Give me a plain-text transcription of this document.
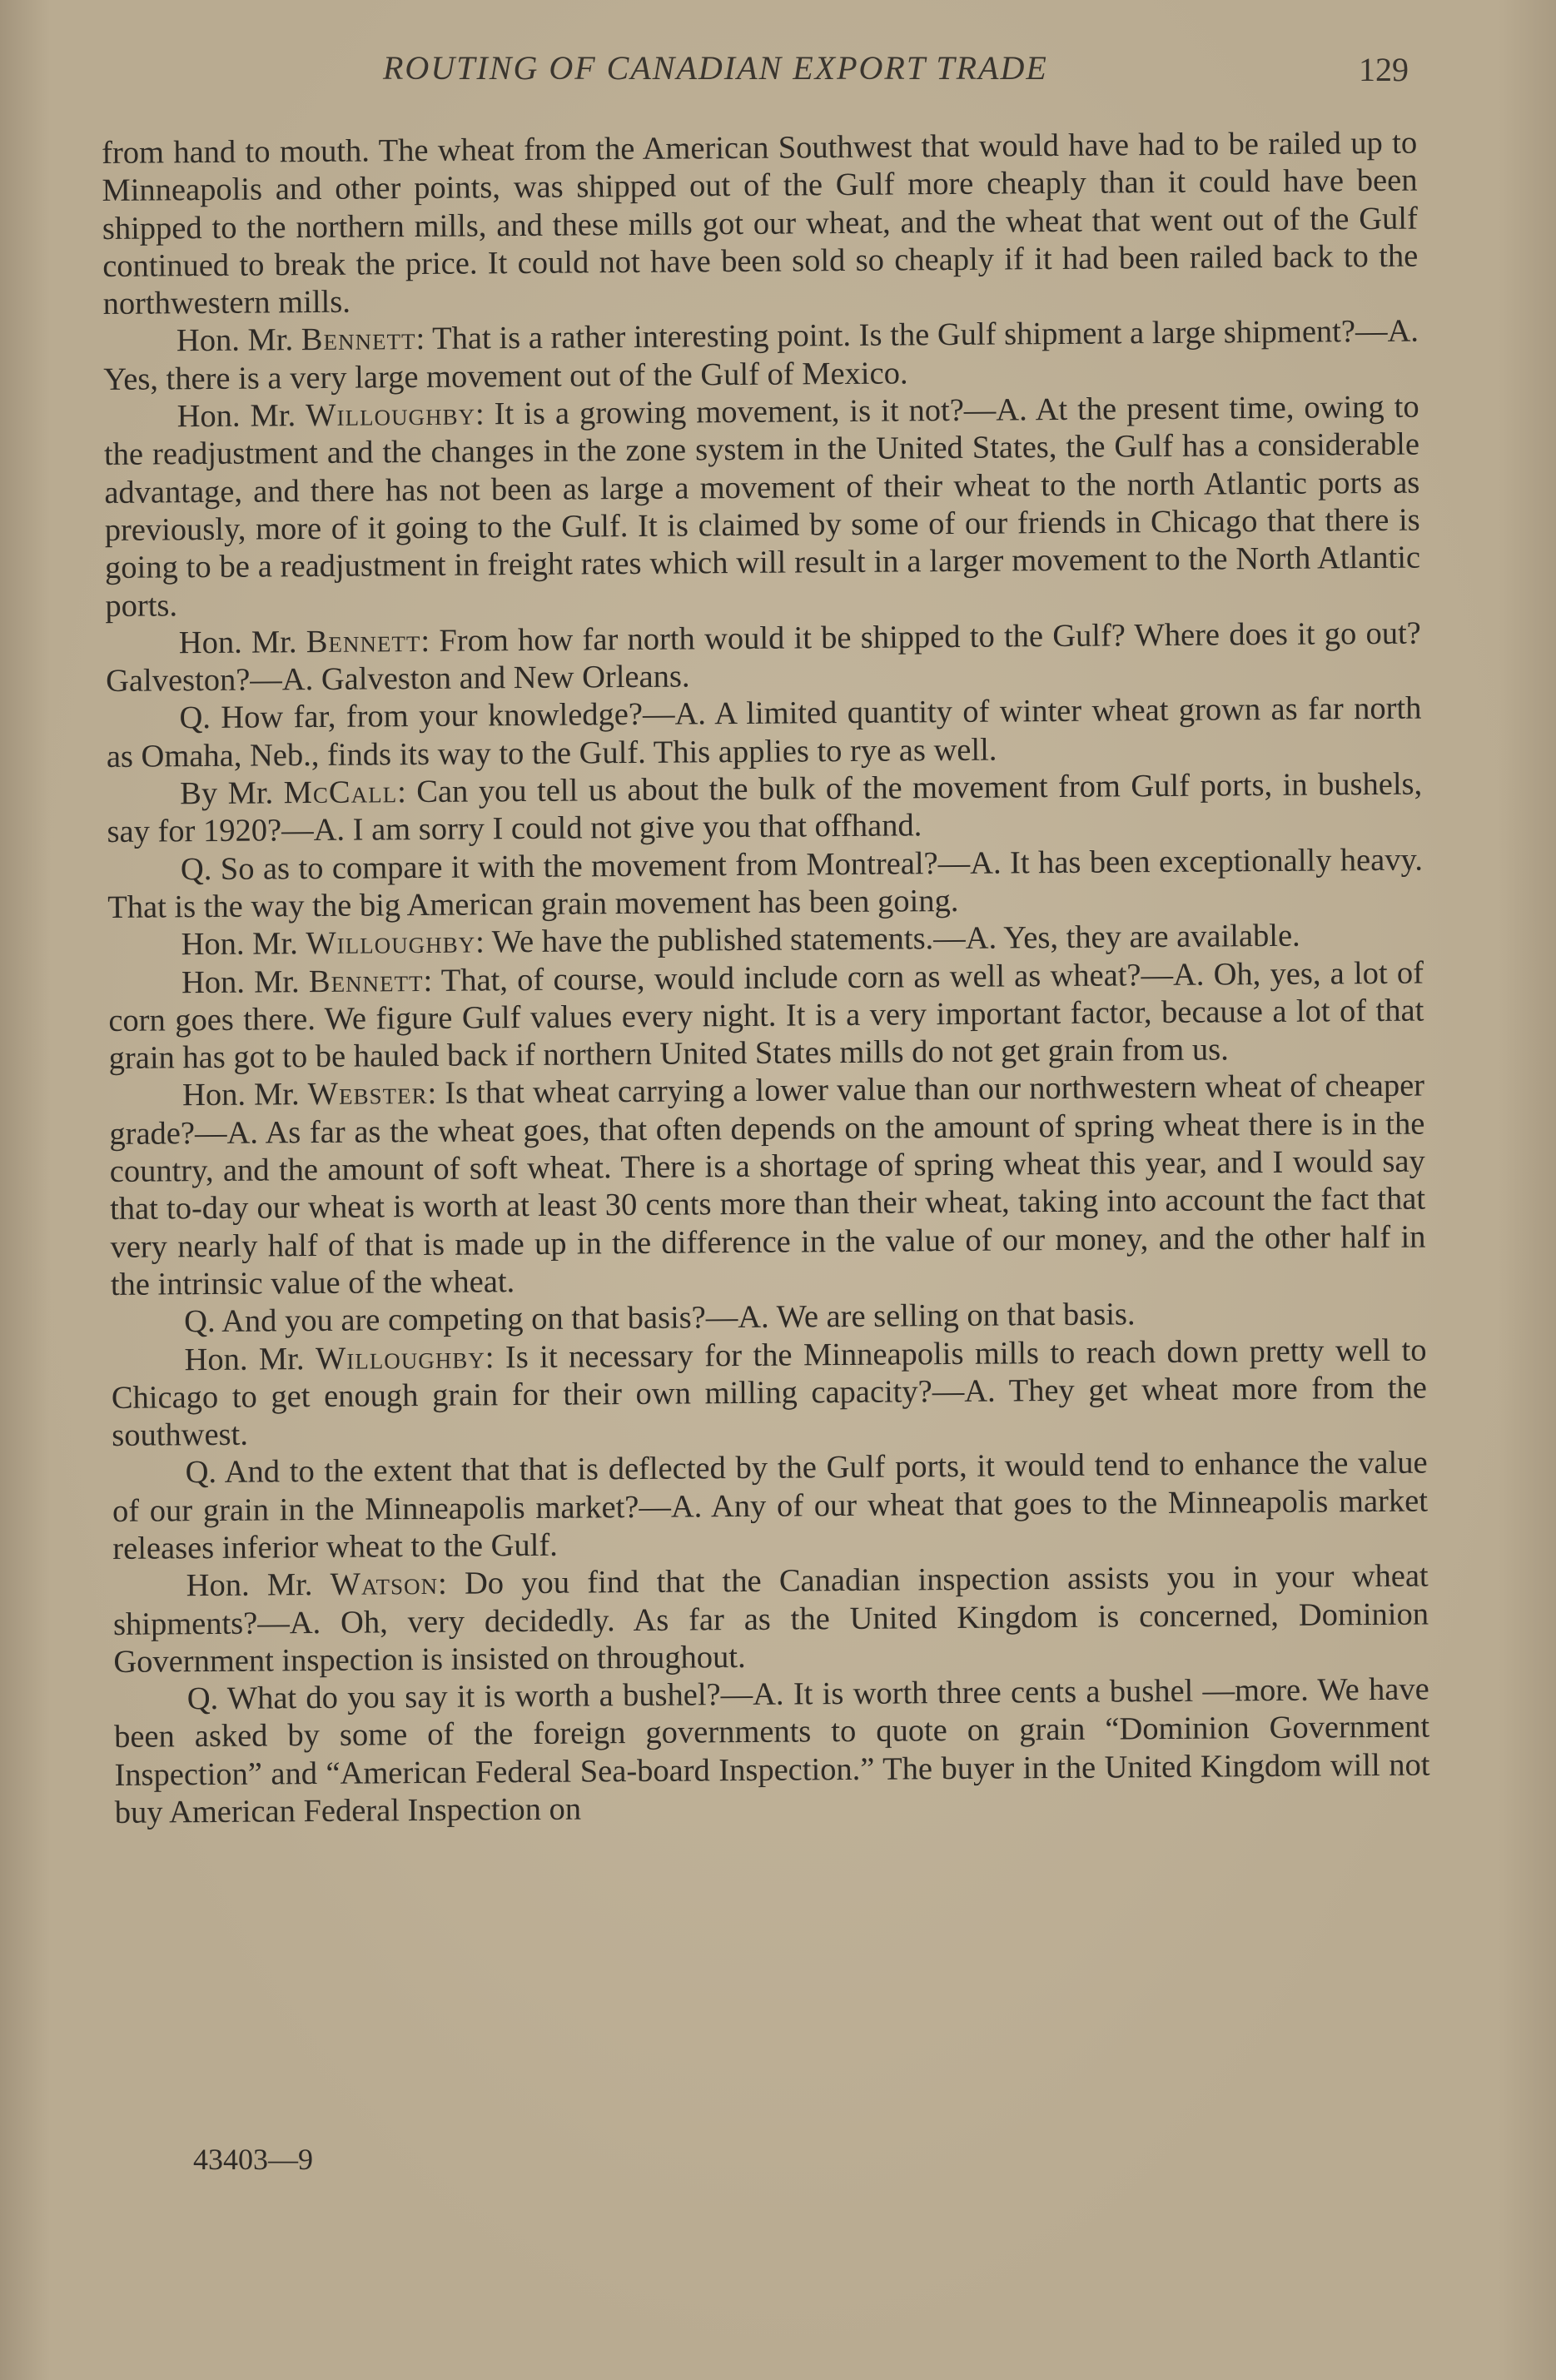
ROUTING OF CANADIAN EXPORT TRADE	129

from hand to mouth. The wheat from the American Southwest that would have had to be railed up to Minneapolis and other points, was shipped out of the Gulf more cheaply than it could have been shipped to the northern mills, and these mills got our wheat, and the wheat that went out of the Gulf continued to break the price. It could not have been sold so cheaply if it had been railed back to the northwestern mills.

Hon. Mr. Bennett: That is a rather interesting point. Is the Gulf shipment a large shipment?—A. Yes, there is a very large movement out of the Gulf of Mexico.

Hon. Mr. Willoughby: It is a growing movement, is it not?—A. At the present time, owing to the readjustment and the changes in the zone system in the United States, the Gulf has a considerable advantage, and there has not been as large a movement of their wheat to the north Atlantic ports as previously, more of it going to the Gulf. It is claimed by some of our friends in Chicago that there is going to be a readjustment in freight rates which will result in a larger movement to the North Atlantic ports.

Hon. Mr. Bennett: From how far north would it be shipped to the Gulf? Where does it go out? Galveston?—A. Galveston and New Orleans.

Q. How far, from your knowledge?—A. A limited quantity of winter wheat grown as far north as Omaha, Neb., finds its way to the Gulf. This applies to rye as well.

By Mr. McCall: Can you tell us about the bulk of the movement from Gulf ports, in bushels, say for 1920?—A. I am sorry I could not give you that offhand.

Q. So as to compare it with the movement from Montreal?—A. It has been exceptionally heavy. That is the way the big American grain movement has been going.

Hon. Mr. Willoughby: We have the published statements.—A. Yes, they are available.

Hon. Mr. Bennett: That, of course, would include corn as well as wheat?—A. Oh, yes, a lot of corn goes there. We figure Gulf values every night. It is a very important factor, because a lot of that grain has got to be hauled back if northern United States mills do not get grain from us.

Hon. Mr. Webster: Is that wheat carrying a lower value than our northwestern wheat of cheaper grade?—A. As far as the wheat goes, that often depends on the amount of spring wheat there is in the country, and the amount of soft wheat. There is a shortage of spring wheat this year, and I would say that to-day our wheat is worth at least 30 cents more than their wheat, taking into account the fact that very nearly half of that is made up in the difference in the value of our money, and the other half in the intrinsic value of the wheat.

Q. And you are competing on that basis?—A. We are selling on that basis.

Hon. Mr. Willoughby: Is it necessary for the Minneapolis mills to reach down pretty well to Chicago to get enough grain for their own milling capacity?—A. They get wheat more from the southwest.

Q. And to the extent that that is deflected by the Gulf ports, it would tend to enhance the value of our grain in the Minneapolis market?—A. Any of our wheat that goes to the Minneapolis market releases inferior wheat to the Gulf.

Hon. Mr. Watson: Do you find that the Canadian inspection assists you in your wheat shipments?—A. Oh, very decidedly. As far as the United Kingdom is concerned, Dominion Government inspection is insisted on throughout.

Q. What do you say it is worth a bushel?—A. It is worth three cents a bushel —more. We have been asked by some of the foreign governments to quote on grain “Dominion Government Inspection” and “American Federal Sea-board Inspection.” The buyer in the United Kingdom will not buy American Federal Inspection on

43403—9
